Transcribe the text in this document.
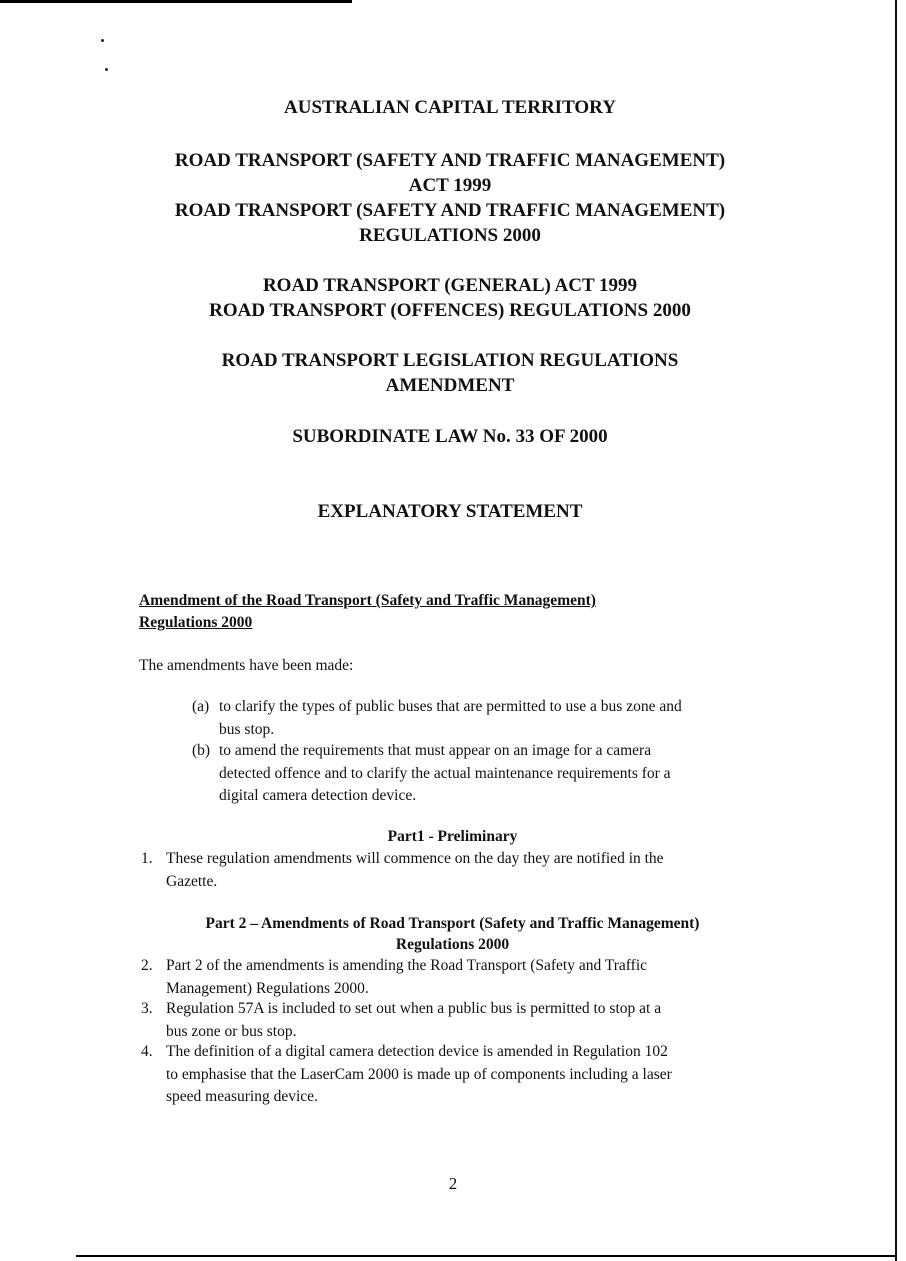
AUSTRALIAN CAPITAL TERRITORY
ROAD TRANSPORT (SAFETY AND TRAFFIC MANAGEMENT)
ACT 1999
ROAD TRANSPORT (SAFETY AND TRAFFIC MANAGEMENT)
REGULATIONS 2000
ROAD TRANSPORT (GENERAL) ACT 1999
ROAD TRANSPORT (OFFENCES) REGULATIONS 2000
ROAD TRANSPORT LEGISLATION REGULATIONS
AMENDMENT
SUBORDINATE LAW No. 33 OF 2000
EXPLANATORY STATEMENT
Amendment of the Road Transport (Safety and Traffic Management)
Regulations 2000
The amendments have been made:
(a) to clarify the types of public buses that are permitted to use a bus zone and
bus stop.
(b) to amend the requirements that must appear on an image for a camera
detected offence and to clarify the actual maintenance requirements for a
digital camera detection device.
Part1 - Preliminary
1. These regulation amendments will commence on the day they are notified in the
Gazette.
Part 2 – Amendments of Road Transport (Safety and Traffic Management)
Regulations 2000
2. Part 2 of the amendments is amending the Road Transport (Safety and Traffic
Management) Regulations 2000.
3. Regulation 57A is included to set out when a public bus is permitted to stop at a
bus zone or bus stop.
4. The definition of a digital camera detection device is amended in Regulation 102
to emphasise that the LaserCam 2000 is made up of components including a laser
speed measuring device.
2
